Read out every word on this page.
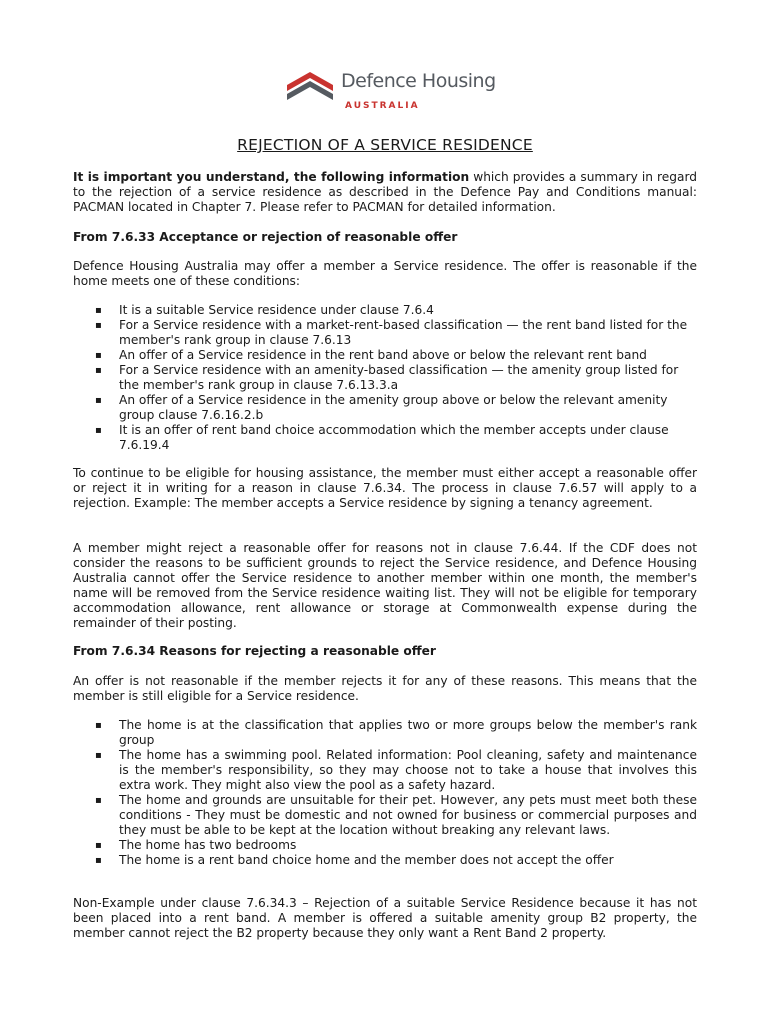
Defence Housing
AUSTRALIA
REJECTION OF A SERVICE RESIDENCE

It is important you understand, the following information which provides a summary in regard to the rejection of a service residence as described in the Defence Pay and Conditions manual: PACMAN located in Chapter 7. Please refer to PACMAN for detailed information.

From 7.6.33 Acceptance or rejection of reasonable offer

Defence Housing Australia may offer a member a Service residence. The offer is reasonable if the home meets one of these conditions:

▪ It is a suitable Service residence under clause 7.6.4
▪ For a Service residence with a market-rent-based classification — the rent band listed for the member's rank group in clause 7.6.13
▪ An offer of a Service residence in the rent band above or below the relevant rent band
▪ For a Service residence with an amenity-based classification — the amenity group listed for the member's rank group in clause 7.6.13.3.a
▪ An offer of a Service residence in the amenity group above or below the relevant amenity group clause 7.6.16.2.b
▪ It is an offer of rent band choice accommodation which the member accepts under clause 7.6.19.4

To continue to be eligible for housing assistance, the member must either accept a reasonable offer or reject it in writing for a reason in clause 7.6.34. The process in clause 7.6.57 will apply to a rejection. Example: The member accepts a Service residence by signing a tenancy agreement.

A member might reject a reasonable offer for reasons not in clause 7.6.44. If the CDF does not consider the reasons to be sufficient grounds to reject the Service residence, and Defence Housing Australia cannot offer the Service residence to another member within one month, the member's name will be removed from the Service residence waiting list. They will not be eligible for temporary accommodation allowance, rent allowance or storage at Commonwealth expense during the remainder of their posting.

From 7.6.34 Reasons for rejecting a reasonable offer

An offer is not reasonable if the member rejects it for any of these reasons. This means that the member is still eligible for a Service residence.

▪ The home is at the classification that applies two or more groups below the member's rank group
▪ The home has a swimming pool. Related information: Pool cleaning, safety and maintenance is the member's responsibility, so they may choose not to take a house that involves this extra work. They might also view the pool as a safety hazard.
▪ The home and grounds are unsuitable for their pet. However, any pets must meet both these conditions - They must be domestic and not owned for business or commercial purposes and they must be able to be kept at the location without breaking any relevant laws.
▪ The home has two bedrooms
▪ The home is a rent band choice home and the member does not accept the offer

Non-Example under clause 7.6.34.3 – Rejection of a suitable Service Residence because it has not been placed into a rent band. A member is offered a suitable amenity group B2 property, the member cannot reject the B2 property because they only want a Rent Band 2 property.
